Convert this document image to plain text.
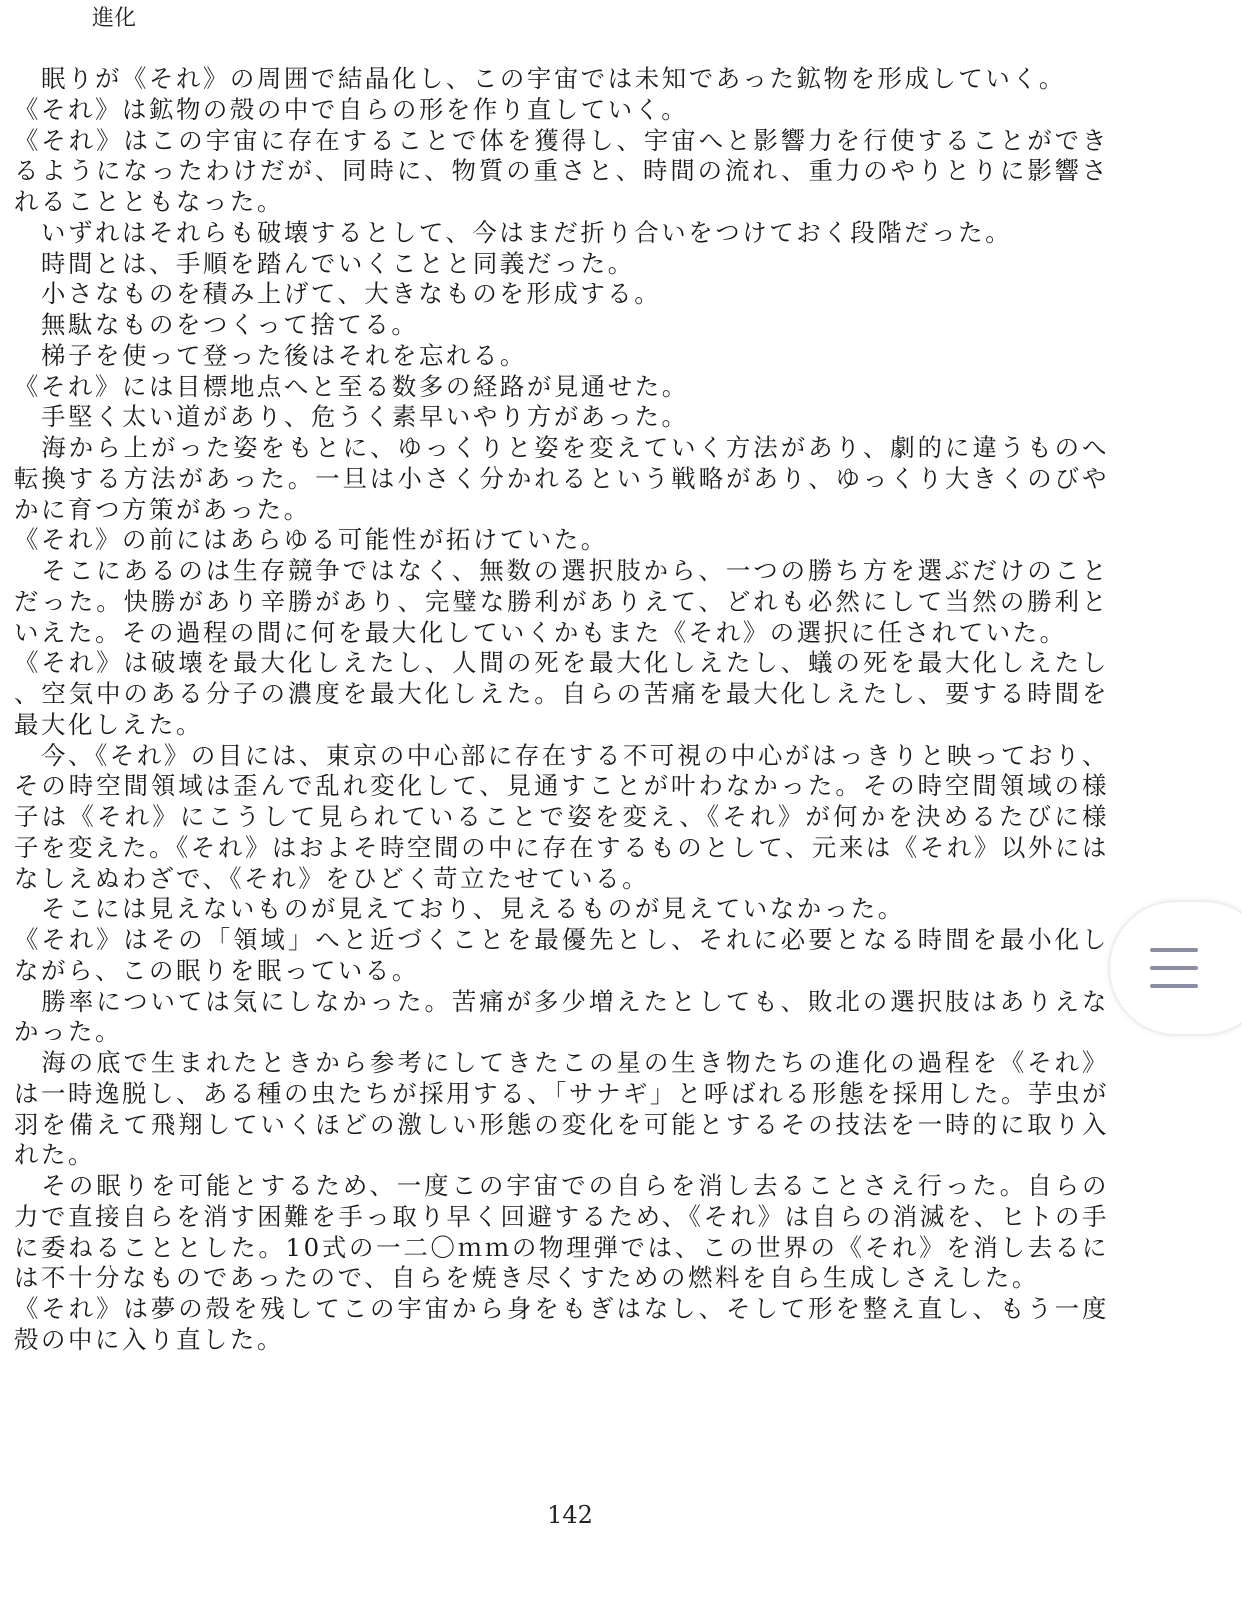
進化

　眠りが《それ》の周囲で結晶化し、この宇宙では未知であった鉱物を形成していく。

《それ》は鉱物の殻の中で自らの形を作り直していく。

《それ》はこの宇宙に存在することで体を獲得し、宇宙へと影響力を行使することができるようになったわけだが、同時に、物質の重さと、時間の流れ、重力のやりとりに影響されることともなった。

　いずれはそれらも破壊するとして、今はまだ折り合いをつけておく段階だった。

　時間とは、手順を踏んでいくことと同義だった。

　小さなものを積み上げて、大きなものを形成する。

　無駄なものをつくって捨てる。

　梯子を使って登った後はそれを忘れる。

《それ》には目標地点へと至る数多の経路が見通せた。

　手堅く太い道があり、危うく素早いやり方があった。

　海から上がった姿をもとに、ゆっくりと姿を変えていく方法があり、劇的に違うものへ転換する方法があった。一旦は小さく分かれるという戦略があり、ゆっくり大きくのびやかに育つ方策があった。

《それ》の前にはあらゆる可能性が拓けていた。

　そこにあるのは生存競争ではなく、無数の選択肢から、一つの勝ち方を選ぶだけのことだった。快勝があり辛勝があり、完璧な勝利がありえて、どれも必然にして当然の勝利といえた。その過程の間に何を最大化していくかもまた《それ》の選択に任されていた。

《それ》は破壊を最大化しえたし、人間の死を最大化しえたし、蟻の死を最大化しえたし、空気中のある分子の濃度を最大化しえた。自らの苦痛を最大化しえたし、要する時間を最大化しえた。

　今、《それ》の目には、東京の中心部に存在する不可視の中心がはっきりと映っており、その時空間領域は歪んで乱れ変化して、見通すことが叶わなかった。その時空間領域の様子は《それ》にこうして見られていることで姿を変え、《それ》が何かを決めるたびに様子を変えた。《それ》はおよそ時空間の中に存在するものとして、元来は《それ》以外にはなしえぬわざで、《それ》をひどく苛立たせている。

　そこには見えないものが見えており、見えるものが見えていなかった。

《それ》はその「領域」へと近づくことを最優先とし、それに必要となる時間を最小化しながら、この眠りを眠っている。

　勝率については気にしなかった。苦痛が多少増えたとしても、敗北の選択肢はありえなかった。

　海の底で生まれたときから参考にしてきたこの星の生き物たちの進化の過程を《それ》は一時逸脱し、ある種の虫たちが採用する、「サナギ」と呼ばれる形態を採用した。芋虫が羽を備えて飛翔していくほどの激しい形態の変化を可能とするその技法を一時的に取り入れた。

　その眠りを可能とするため、一度この宇宙での自らを消し去ることさえ行った。自らの力で直接自らを消す困難を手っ取り早く回避するため、《それ》は自らの消滅を、ヒトの手に委ねることとした。10式の一二〇ｍｍの物理弾では、この世界の《それ》を消し去るには不十分なものであったので、自らを焼き尽くすための燃料を自ら生成しさえした。

《それ》は夢の殻を残してこの宇宙から身をもぎはなし、そして形を整え直し、もう一度殻の中に入り直した。

142
